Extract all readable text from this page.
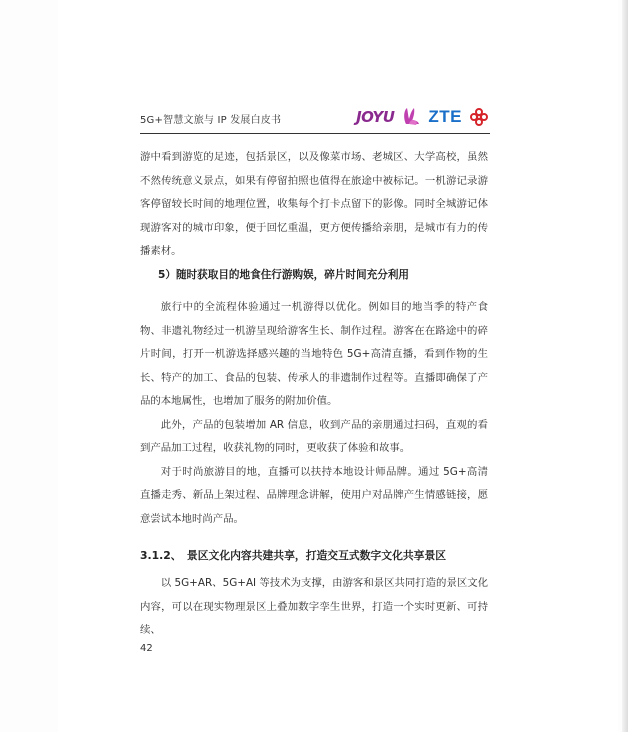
5G+智慧文旅与 IP 发展白皮书	JOYU ZTE

游中看到游览的足迹，包括景区，以及像菜市场、老城区、大学高校，虽然不然传统意义景点，如果有停留拍照也值得在旅途中被标记。一机游记录游客停留较长时间的地理位置，收集每个打卡点留下的影像。同时全城游记体现游客对的城市印象，便于回忆重温，更方便传播给亲朋，是城市有力的传播素材。

5）随时获取目的地食住行游购娱，碎片时间充分利用

旅行中的全流程体验通过一机游得以优化。例如目的地当季的特产食物、非遗礼物经过一机游呈现给游客生长、制作过程。游客在在路途中的碎片时间，打开一机游选择感兴趣的当地特色 5G+高清直播，看到作物的生长、特产的加工、食品的包装、传承人的非遗制作过程等。直播即确保了产品的本地属性，也增加了服务的附加价值。

此外，产品的包装增加 AR 信息，收到产品的亲朋通过扫码，直观的看到产品加工过程，收获礼物的同时，更收获了体验和故事。

对于时尚旅游目的地，直播可以扶持本地设计师品牌。通过 5G+高清直播走秀、新品上架过程、品牌理念讲解，使用户对品牌产生情感链接，愿意尝试本地时尚产品。

3.1.2、　景区文化内容共建共享，打造交互式数字文化共享景区

以 5G+AR、5G+AI 等技术为支撑，由游客和景区共同打造的景区文化内容，可以在现实物理景区上叠加数字孪生世界，打造一个实时更新、可持续、

42
